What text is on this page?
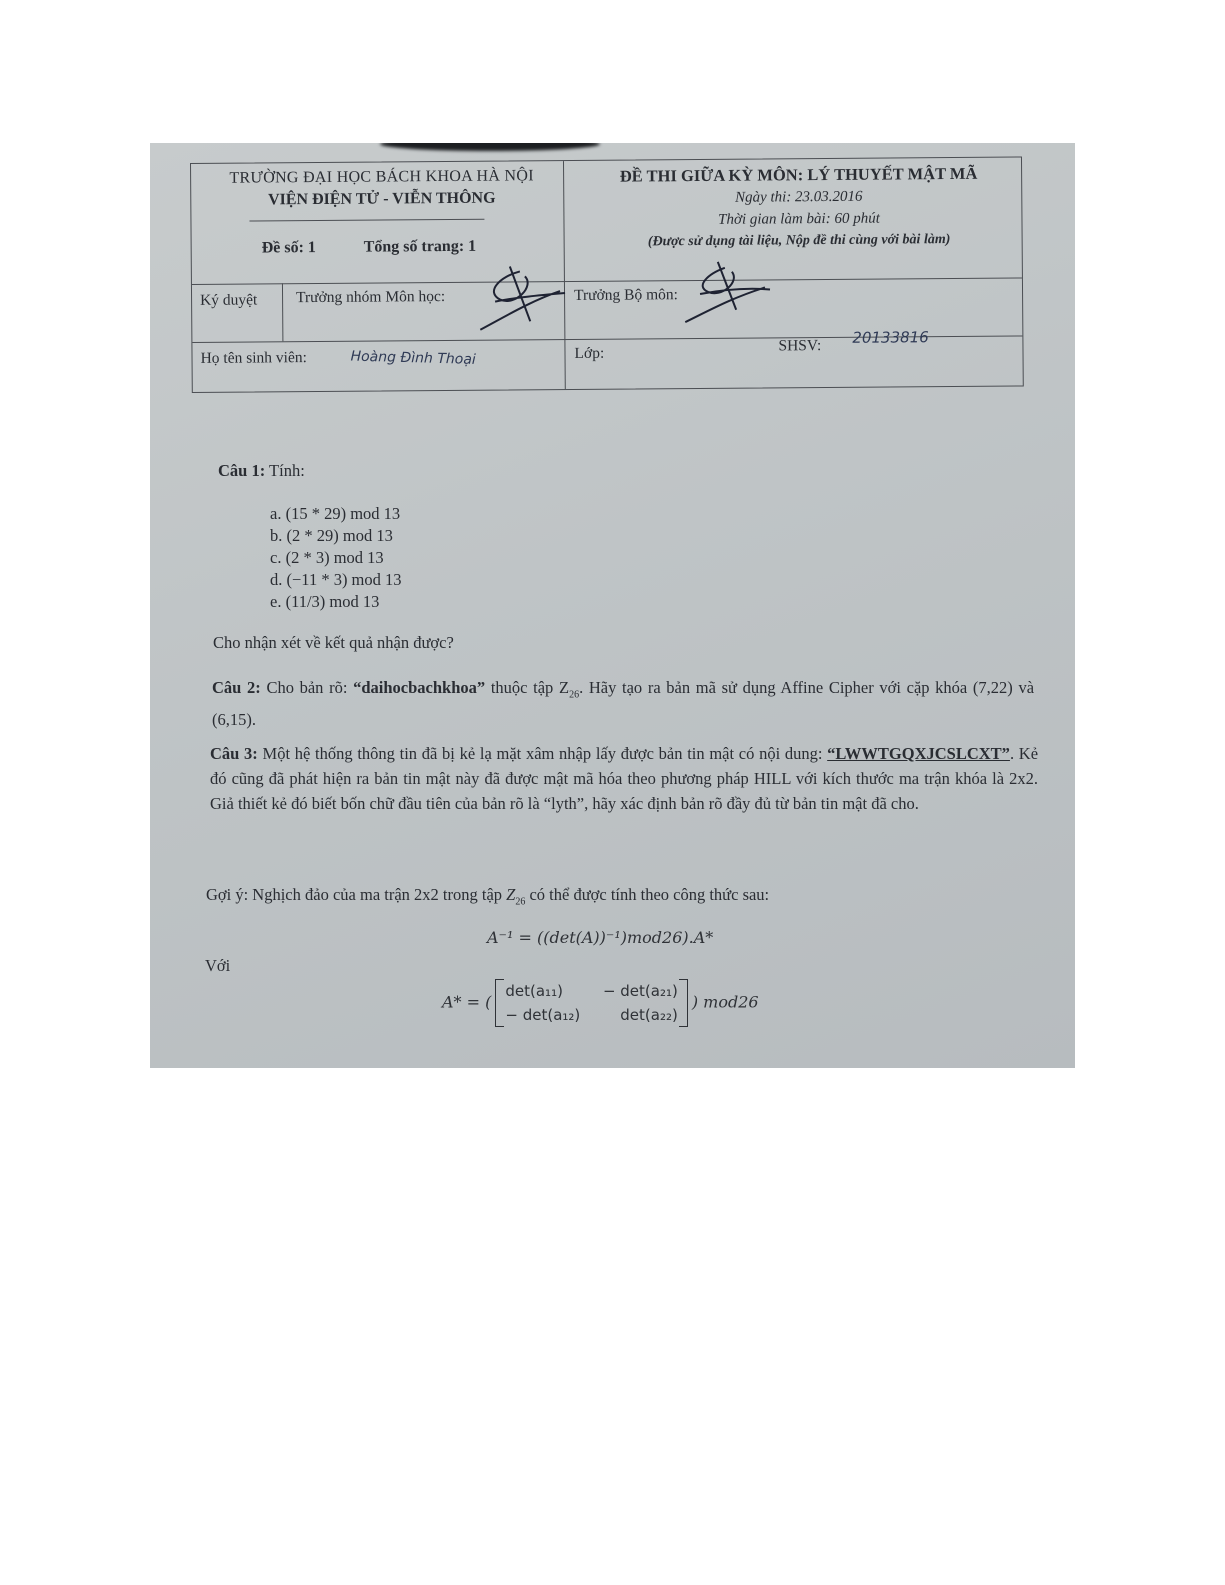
TRƯỜNG ĐẠI HỌC BÁCH KHOA HÀ NỘI
VIỆN ĐIỆN TỬ - VIỄN THÔNG
Đề số: 1	Tổng số trang: 1
ĐỀ THI GIỮA KỲ MÔN: LÝ THUYẾT MẬT MÃ
Ngày thi: 23.03.2016
Thời gian làm bài: 60 phút
(Được sử dụng tài liệu, Nộp đề thi cùng với bài làm)
Ký duyệt Trưởng nhóm Môn học:	Trưởng Bộ môn:
Họ tên sinh viên:	Hoàng Đình Thoại	Lớp:	SHSV: 20133816
Câu 1: Tính:
a. (15 * 29) mod 13
b. (2 * 29) mod 13
c. (2 * 3) mod 13
d. (−11 * 3) mod 13
e. (11/3) mod 13
Cho nhận xét về kết quả nhận được?
Câu 2: Cho bản rõ: “daihocbachkhoa” thuộc tập $Z_{26}$. Hãy tạo ra bản mã sử dụng Affine Cipher với cặp khóa (7,22) và (6,15).
Câu 3: Một hệ thống thông tin đã bị kẻ lạ mặt xâm nhập lấy được bản tin mật có nội dung: “LWWTGQXJCSLCXT”. Kẻ đó cũng đã phát hiện ra bản tin mật này đã được mật mã hóa theo phương pháp HILL với kích thước ma trận khóa là 2x2. Giả thiết kẻ đó biết bốn chữ đầu tiên của bản rõ là “lyth”, hãy xác định bản rõ đầy đủ từ bản tin mật đã cho.
Gợi ý: Nghịch đảo của ma trận 2x2 trong tập $Z_{26}$ có thể được tính theo công thức sau:
A⁻¹ = ((det(A))⁻¹)mod26).A*
Với
A* = (
det(a₁₁)	− det(a₂₁)
− det(a₁₂)	det(a₂₂)
) mod26
